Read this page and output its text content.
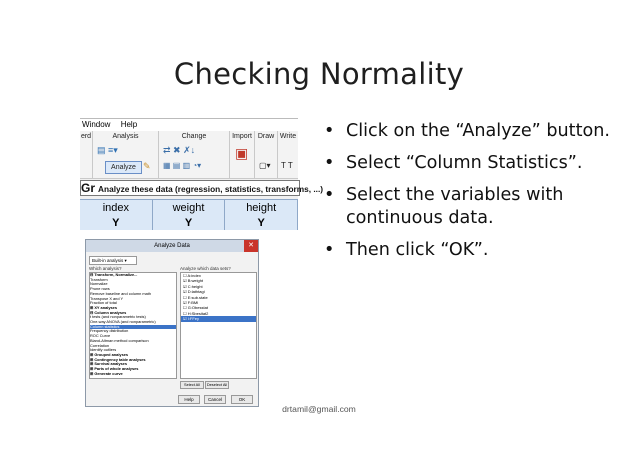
Checking Normality
Window Help
erd	Analysis
▤ ≡▾
Analyze ✎
Change
⇄ ✖ ✗↓
▦ ▤ ▥ ◔▾
Import
▣
Draw
▢▾
Write
T T
Gr Analyze these data (regression, statistics, transforms, ...)
index	weight	height
Y	Y	Y
Analyze Data	✕
Built-in analysis ▾
Which analysis?	Analyze which data sets?
⊟ Transform, Normalize...
Transform
Normalize
Prune rows
Remove baseline and column math
Transpose X and Y
Fraction of total
⊞ XY analyses
⊟ Column analyses
t tests (and nonparametric tests)
One-way ANOVA (and nonparametric)
Column statistics
Frequency distribution
ROC Curve
Bland-Altman method comparison
Correlation
Identify outliers
⊞ Grouped analyses
⊞ Contingency table analyses
⊞ Survival analyses
⊞ Parts of whole analyses
⊞ Generate curve
☐ A:index
☑ B:weight
☑ C:height
☑ D:lathtagi
☐ E:sub.state
☑ F:BMI
☐ G:Obesstat
☐ H:Sbesitat2
☑ I:FFey
Select All	Deselect All
Help	Cancel	OK
• Click on the “Analyze” button.
• Select “Column Statistics”.
• Select the variables with continuous data.
• Then click “OK”.
drtamil@gmail.com
